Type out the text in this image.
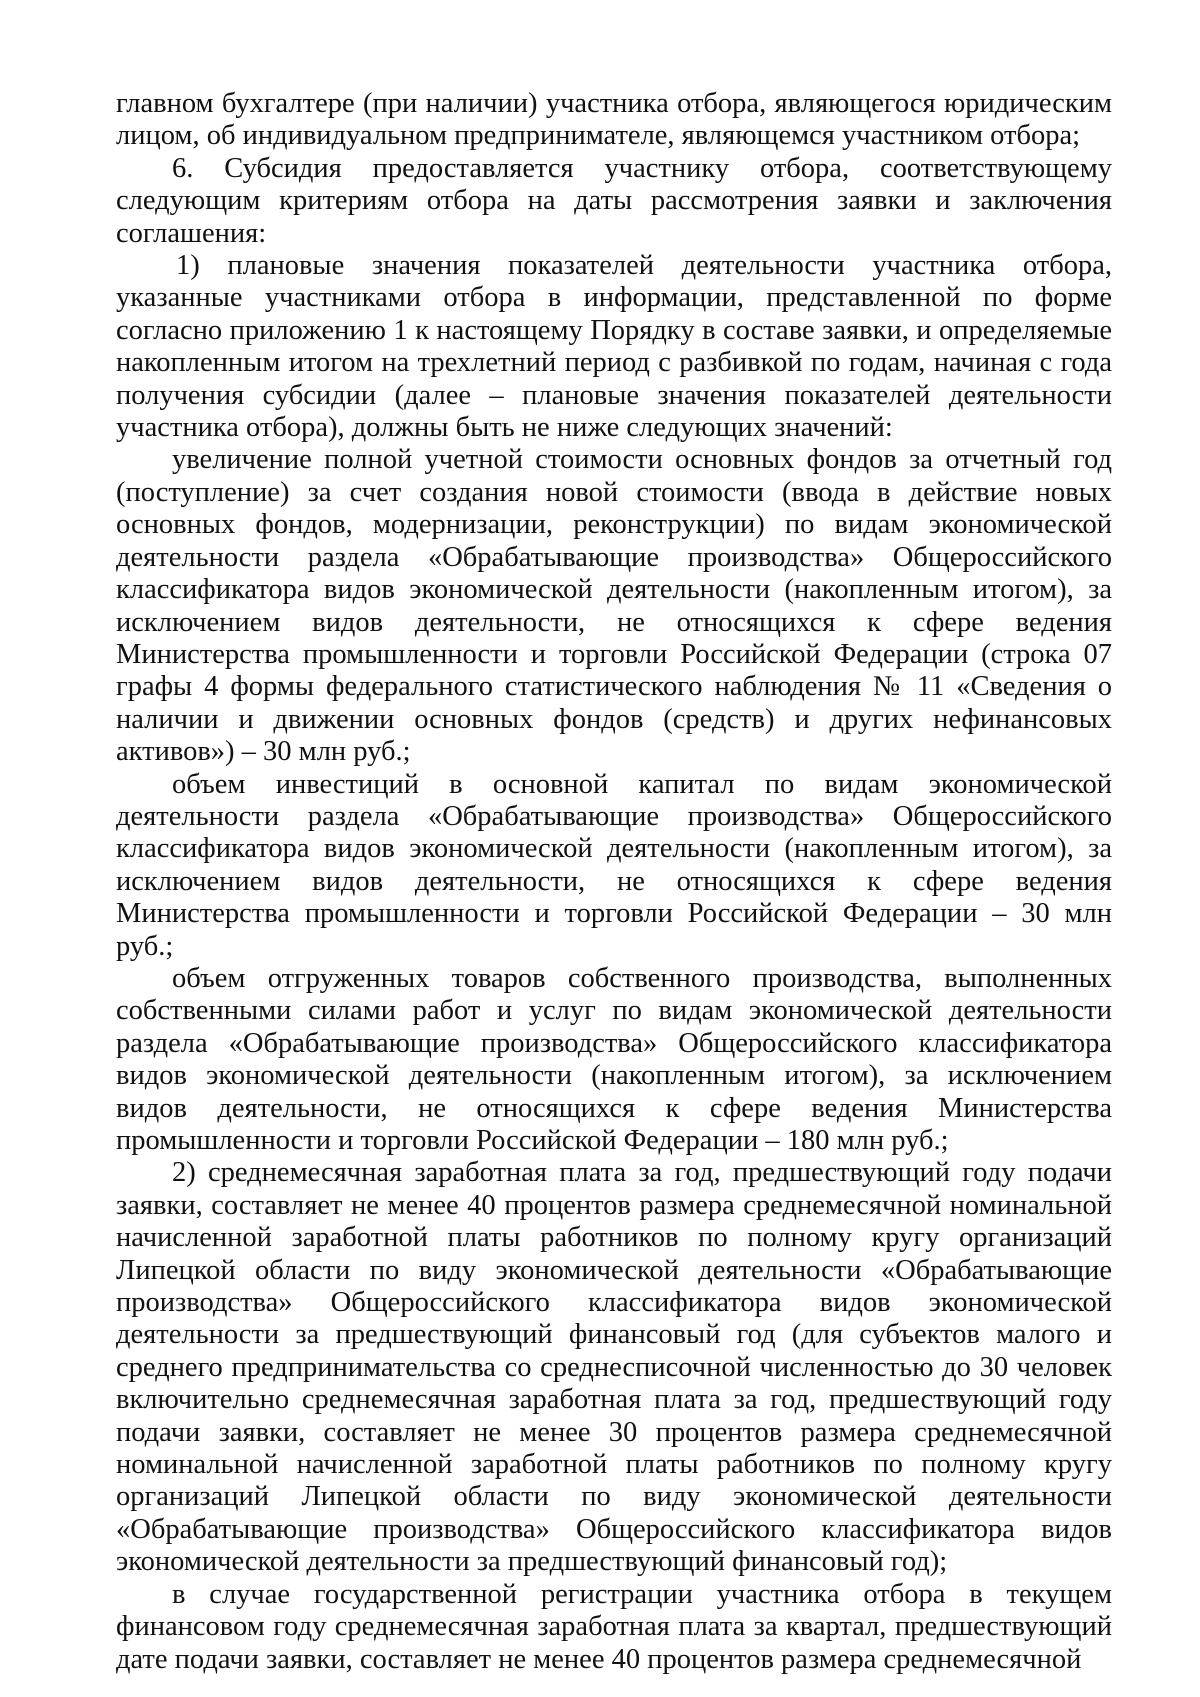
главном бухгалтере (при наличии) участника отбора, являющегося юридическим лицом, об индивидуальном предпринимателе, являющемся участником отбора;

6. Субсидия предоставляется участнику отбора, соответствующему следующим критериям отбора на даты рассмотрения заявки и заключения соглашения:

1) плановые значения показателей деятельности участника отбора, указанные участниками отбора в информации, представленной по форме согласно приложению 1 к настоящему Порядку в составе заявки, и определяемые накопленным итогом на трехлетний период с разбивкой по годам, начиная с года получения субсидии (далее – плановые значения показателей деятельности участника отбора), должны быть не ниже следующих значений:

увеличение полной учетной стоимости основных фондов за отчетный год (поступление) за счет создания новой стоимости (ввода в действие новых основных фондов, модернизации, реконструкции) по видам экономической деятельности раздела «Обрабатывающие производства» Общероссийского классификатора видов экономической деятельности (накопленным итогом), за исключением видов деятельности, не относящихся к сфере ведения Министерства промышленности и торговли Российской Федерации (строка 07 графы 4 формы федерального статистического наблюдения № 11 «Сведения о наличии и движении основных фондов (средств) и других нефинансовых активов») – 30 млн руб.;

объем инвестиций в основной капитал по видам экономической деятельности раздела «Обрабатывающие производства» Общероссийского классификатора видов экономической деятельности (накопленным итогом), за исключением видов деятельности, не относящихся к сфере ведения Министерства промышленности и торговли Российской Федерации – 30 млн руб.;

объем отгруженных товаров собственного производства, выполненных собственными силами работ и услуг по видам экономической деятельности раздела «Обрабатывающие производства» Общероссийского классификатора видов экономической деятельности (накопленным итогом), за исключением видов деятельности, не относящихся к сфере ведения Министерства промышленности и торговли Российской Федерации – 180 млн руб.;

2) среднемесячная заработная плата за год, предшествующий году подачи заявки, составляет не менее 40 процентов размера среднемесячной номинальной начисленной заработной платы работников по полному кругу организаций Липецкой области по виду экономической деятельности «Обрабатывающие производства» Общероссийского классификатора видов экономической деятельности за предшествующий финансовый год (для субъектов малого и среднего предпринимательства со среднесписочной численностью до 30 человек включительно среднемесячная заработная плата за год, предшествующий году подачи заявки, составляет не менее 30 процентов размера среднемесячной номинальной начисленной заработной платы работников по полному кругу организаций Липецкой области по виду экономической деятельности «Обрабатывающие производства» Общероссийского классификатора видов экономической деятельности за предшествующий финансовый год);

в случае государственной регистрации участника отбора в текущем финансовом году среднемесячная заработная плата за квартал, предшествующий дате подачи заявки, составляет не менее 40 процентов размера среднемесячной
